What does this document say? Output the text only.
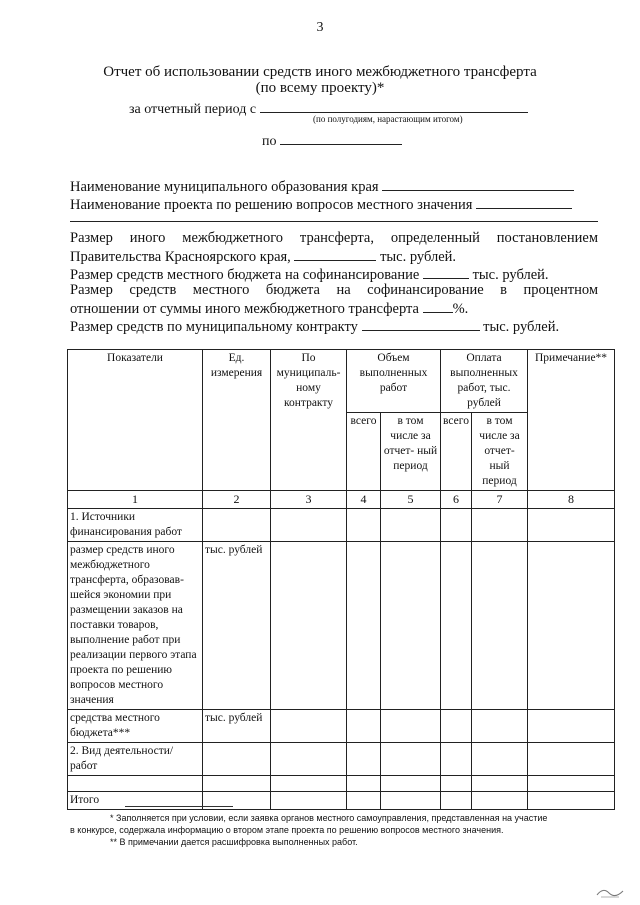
3
Отчет об использовании средств иного межбюджетного трансферта
(по всему проекту)*
за отчетный период с
(по полугодиям, нарастающим итогом)
по
Наименование муниципального образования края
Наименование проекта по решению вопросов местного значения
Размер иного межбюджетного трансферта, определенный постановлением
Правительства Красноярского края,	тыс. рублей.
Размер средств местного бюджета на софинансирование	тыс. рублей.
Размер средств местного бюджета на софинансирование в процентном
отношении от суммы иного межбюджетного трансферта %.
Размер средств по муниципальному контракту	тыс. рублей.
Показатели	Ед. измерения	По муниципаль- ному контракту	Объем выполненных работ		Оплата выполненных работ, тыс. рублей		Примечание**
			всего	в том числе за отчет- ный период	всего	в том числе за отчет- ный период	
1	2	3	4	5	6	7	8
1. Источники финансирования работ							
размер средств иного межбюджетного трансферта, образовав- шейся экономии при размещении заказов на поставки товаров, выполнение работ при реализации первого этапа проекта по решению вопросов местного значения	тыс. рублей						
средства местного бюджета***	тыс. рублей						
2. Вид деятельности/ работ							

Итого							
* Заполняется при условии, если заявка органов местного самоуправления, представленная на участие
в конкурсе, содержала информацию о втором этапе проекта по решению вопросов местного значения.
** В примечании дается расшифровка выполненных работ.
